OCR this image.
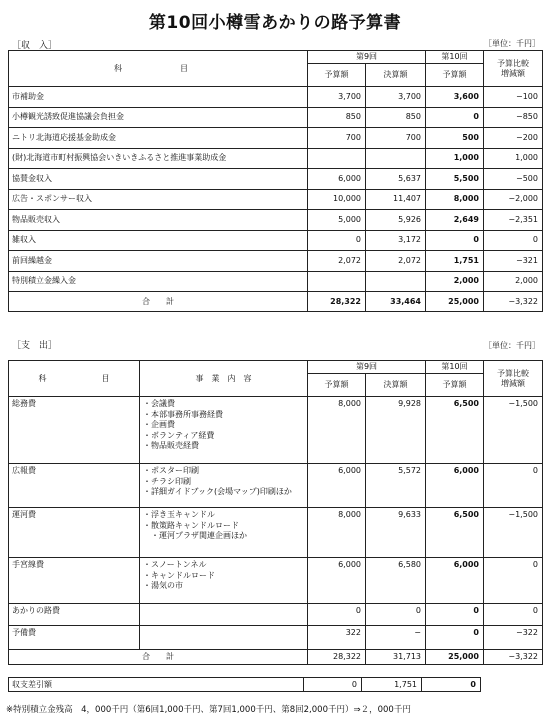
第10回小樽雪あかりの路予算書
［収　入］	［単位：千円］
科　　目	第9回		第10回	予算比較
増減額

	予算額	決算額	予算額	
市補助金	3,700	3,700	3,600	−100
小樽観光誘致促進協議会負担金	850	850	0	−850
ニトリ北海道応援基金助成金	700	700	500	−200
(財)北海道市町村振興協会いきいきふるさと推進事業助成金			1,000	1,000
協賛金収入	6,000	5,637	5,500	−500
広告・スポンサー収入	10,000	11,407	8,000	−2,000
物品販売収入	5,000	5,926	2,649	−2,351
雑収入	0	3,172	0	0
前回繰越金	2,072	2,072	1,751	−321
特別積立金繰入金			2,000	2,000
合　　計	28,322	33,464	25,000	−3,322
［支　出］	［単位：千円］
科 目	事　業　内　容	第9回		第10回	予算比較
増減額

		予算額	決算額	予算額	
総務費	・会議費
・本部事務所事務経費
・企画費
・ボランティア経費
・物品販売経費	8,000	9,928	6,500	−1,500
広報費	・ポスター印刷
・チラシ印刷
・詳細ガイドブック(会場マップ)印刷ほか	6,000	5,572	6,000	0
運河費	・浮き玉キャンドル
・散策路キャンドルロード
　・運河プラザ関連企画ほか	8,000	9,633	6,500	−1,500
手宮線費	・スノートンネル
・キャンドルロード
・湯気の市	6,000	6,580	6,000	0
あかりの路費		0	0	0	0
予備費		322	−	0	−322
合　　計		28,322	31,713	25,000	−3,322
収支差引額	0	1,751	0
※特別積立金残高　4，000千円（第6回1,000千円、第7回1,000千円、第8回2,000千円）⇒２，000千円
